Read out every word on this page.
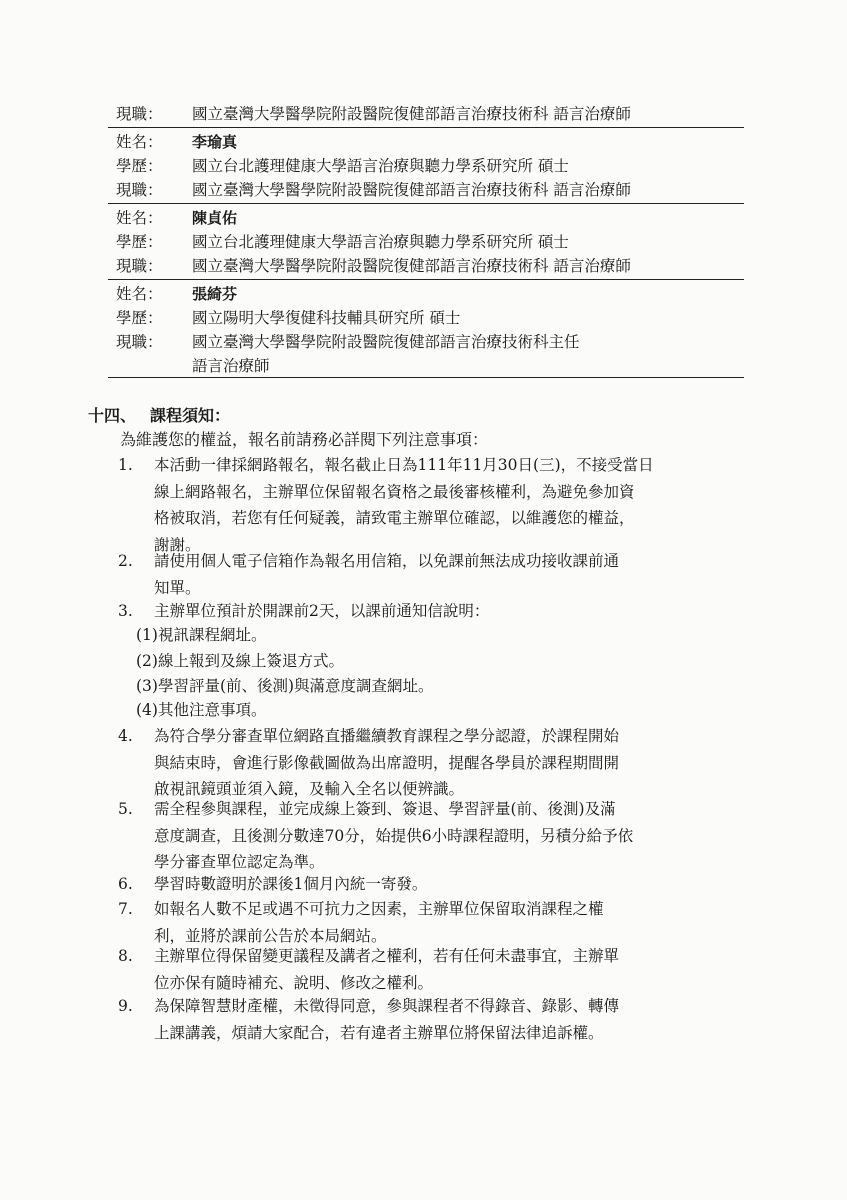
現職：	國立臺灣大學醫學院附設醫院復健部語言治療技術科 語言治療師
姓名：	李瑜真
學歷：	國立台北護理健康大學語言治療與聽力學系研究所 碩士
現職：	國立臺灣大學醫學院附設醫院復健部語言治療技術科 語言治療師
姓名：	陳貞佑
學歷：	國立台北護理健康大學語言治療與聽力學系研究所 碩士
現職：	國立臺灣大學醫學院附設醫院復健部語言治療技術科 語言治療師
姓名：	張綺芬
學歷：	國立陽明大學復健科技輔具研究所 碩士
現職：	國立臺灣大學醫學院附設醫院復健部語言治療技術科主任
語言治療師
十四、 課程須知：
為維護您的權益，報名前請務必詳閱下列注意事項：
1.	本活動一律採網路報名，報名截止日為111年11月30日(三)，不接受當日
線上網路報名，主辦單位保留報名資格之最後審核權利，為避免參加資
格被取消，若您有任何疑義，請致電主辦單位確認，以維護您的權益，
謝謝。
2.	請使用個人電子信箱作為報名用信箱，以免課前無法成功接收課前通
知單。
3.	主辦單位預計於開課前2天，以課前通知信說明：
(1)視訊課程網址。
(2)線上報到及線上簽退方式。
(3)學習評量(前、後測)與滿意度調查網址。
(4)其他注意事項。
4.	為符合學分審查單位網路直播繼續教育課程之學分認證，於課程開始
與結束時，會進行影像截圖做為出席證明，提醒各學員於課程期間開
啟視訊鏡頭並須入鏡，及輸入全名以便辨識。
5.	需全程參與課程，並完成線上簽到、簽退、學習評量(前、後測)及滿
意度調查，且後測分數達70分，始提供6小時課程證明，另積分給予依
學分審查單位認定為準。
6.	學習時數證明於課後1個月內統一寄發。
7.	如報名人數不足或遇不可抗力之因素，主辦單位保留取消課程之權
利，並將於課前公告於本局網站。
8.	主辦單位得保留變更議程及講者之權利，若有任何未盡事宜，主辦單
位亦保有隨時補充、說明、修改之權利。
9.	為保障智慧財產權，未徵得同意，參與課程者不得錄音、錄影、轉傳
上課講義，煩請大家配合，若有違者主辦單位將保留法律追訴權。
